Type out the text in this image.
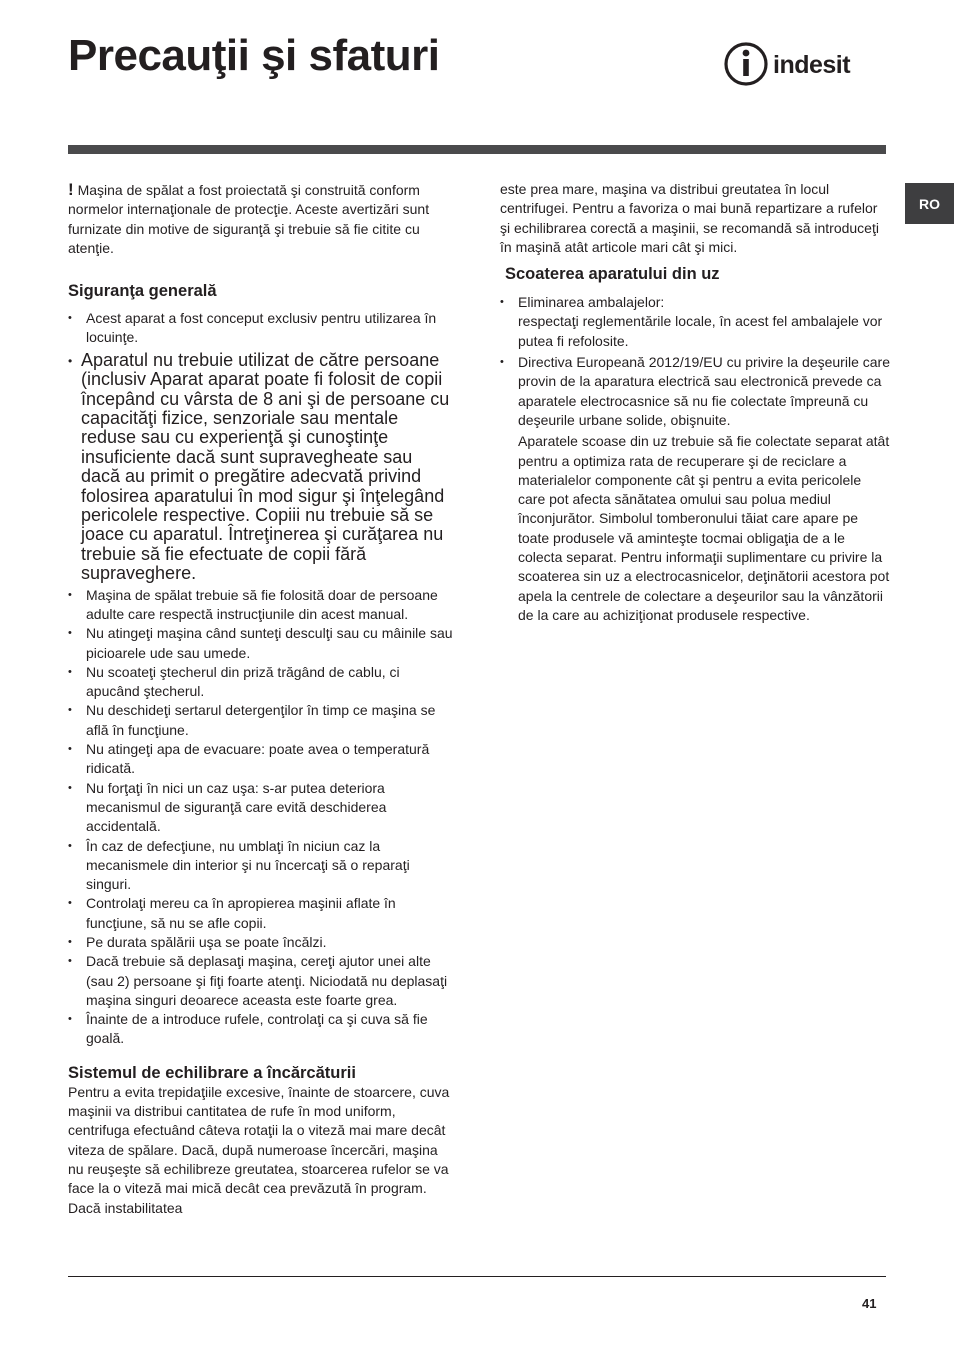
Precauţii şi sfaturi	indesit
RO

! Maşina de spălat a fost proiectată şi construită conform normelor internaţionale de protecţie. Aceste avertizări sunt furnizate din motive de siguranţă şi trebuie să fie citite cu atenţie.

Siguranţa generală
• Acest aparat a fost conceput exclusiv pentru utilizarea în locuinţe.
• Aparatul nu trebuie utilizat de către persoane (inclusiv Aparat aparat poate fi folosit de copii începând cu vârsta de 8 ani şi de persoane cu capacităţi fizice, senzoriale sau mentale reduse sau cu experienţă şi cunoştinţe insuficiente dacă sunt supravegheate sau dacă au primit o pregătire adecvată privind folosirea aparatului în mod sigur şi înţelegând pericolele respective. Copiii nu trebuie să se joace cu aparatul. Întreţinerea şi curăţarea nu trebuie să fie efectuate de copii fără supraveghere.
• Maşina de spălat trebuie să fie folosită doar de persoane adulte care respectă instrucţiunile din acest manual.
• Nu atingeţi maşina când sunteţi desculţi sau cu mâinile sau picioarele ude sau umede.
• Nu scoateţi ştecherul din priză trăgând de cablu, ci apucând ştecherul.
• Nu deschideţi sertarul detergenţilor în timp ce maşina se află în funcţiune.
• Nu atingeţi apa de evacuare: poate avea o temperatură ridicată.
• Nu forţaţi în nici un caz uşa: s-ar putea deteriora mecanismul de siguranţă care evită deschiderea accidentală.
• În caz de defecţiune, nu umblaţi în niciun caz la mecanismele din interior şi nu încercaţi să o reparaţi singuri.
• Controlaţi mereu ca în apropierea maşinii aflate în funcţiune, să nu se afle copii.
• Pe durata spălării uşa se poate încălzi.
• Dacă trebuie să deplasaţi maşina, cereţi ajutor unei alte (sau 2) persoane şi fiţi foarte atenţi. Niciodată nu deplasaţi maşina singuri deoarece aceasta este foarte grea.
• Înainte de a introduce rufele, controlaţi ca şi cuva să fie goală.
Sistemul de echilibrare a încărcăturii

Pentru a evita trepidaţiile excesive, înainte de stoarcere, cuva maşinii va distribui cantitatea de rufe în mod uniform, centrifuga efectuând câteva rotaţii la o viteză mai mare decât viteza de spălare. Dacă, după numeroase încercări, maşina nu reuşeşte să echilibreze greutatea, stoarcerea rufelor se va face la o viteză mai mică decât cea prevăzută în program. Dacă instabilitatea

este prea mare, maşina va distribui greutatea în locul centrifugei. Pentru a favoriza o mai bună repartizare a rufelor şi echilibrarea corectă a maşinii, se recomandă să introduceţi în maşină atât articole mari cât şi mici.

Scoaterea aparatului din uz
• Eliminarea ambalajelor:
respectaţi reglementările locale, în acest fel ambalajele vor putea fi refolosite.
• Directiva Europeană 2012/19/EU cu privire la deşeurile care provin de la aparatura electrică sau electronică prevede ca aparatele electrocasnice să nu fie colectate împreună cu deşeurile urbane solide, obişnuite.

Aparatele scoase din uz trebuie să fie colectate separat atât pentru a optimiza rata de recuperare şi de reciclare a materialelor componente cât şi pentru a evita pericolele care pot afecta sănătatea omului sau polua mediul înconjurător. Simbolul tomberonului tăiat care apare pe toate produsele vă aminteşte tocmai obligaţia de a le colecta separat. Pentru informaţii suplimentare cu privire la scoaterea sin uz a electrocasnicelor, deţinătorii acestora pot apela la centrele de colectare a deşeurilor sau la vânzătorii de la care au achiziţionat produsele respective.

41
